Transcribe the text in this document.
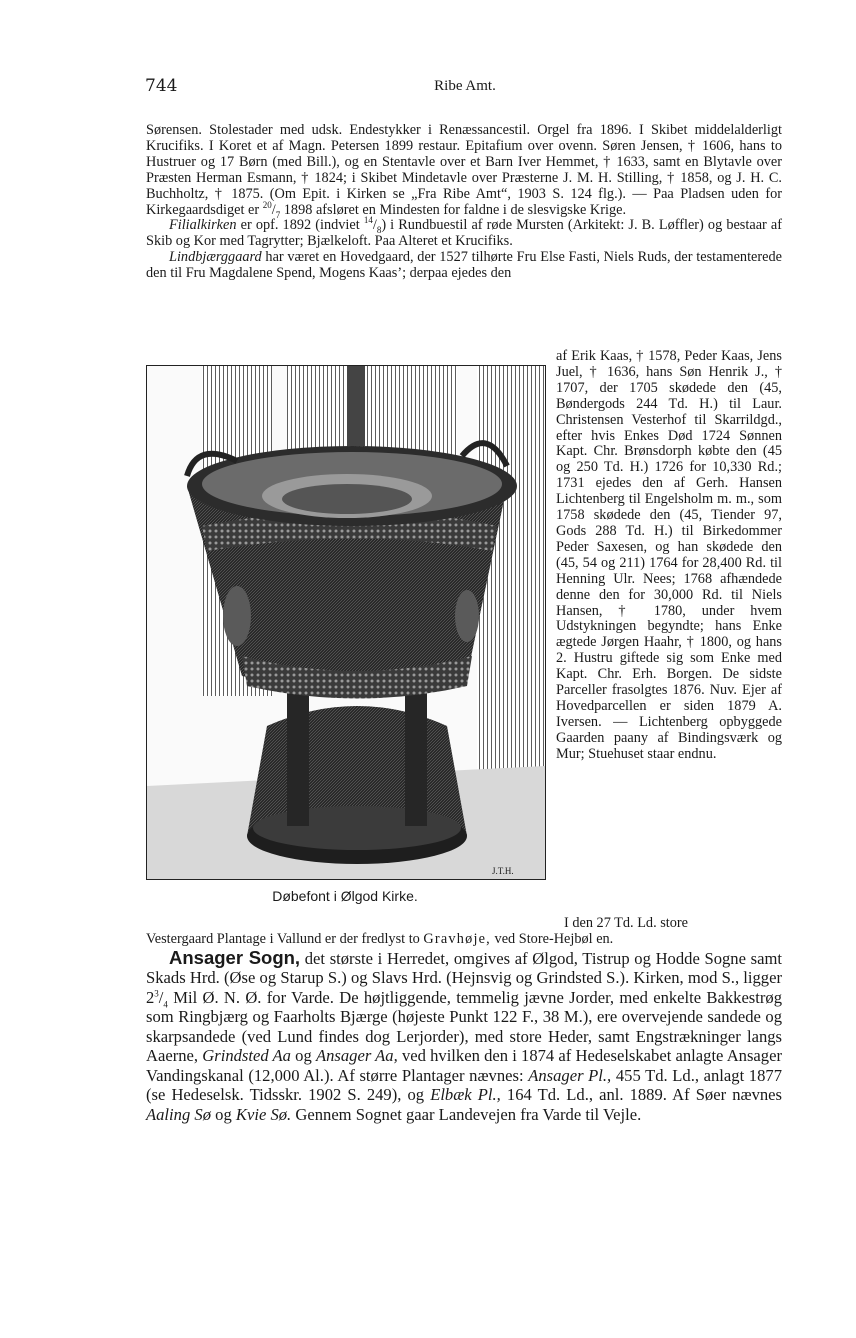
744	Ribe Amt.

Sørensen. Stolestader med udsk. Endestykker i Renæssancestil. Orgel fra 1896. I Skibet middelalderligt Krucifiks. I Koret et af Magn. Petersen 1899 restaur. Epitafium over ovenn. Søren Jensen, † 1606, hans to Hustruer og 17 Børn (med Bill.), og en Stentavle over et Barn Iver Hemmet, † 1633, samt en Blytavle over Præsten Herman Esmann, † 1824; i Skibet Mindetavle over Præsterne J. M. H. Stilling, † 1858, og J. H. C. Buchholtz, † 1875. (Om Epit. i Kirken se „Fra Ribe Amt“, 1903 S. 124 flg.). — Paa Pladsen uden for Kirkegaardsdiget er $^{20}/_7$ 1898 afsløret en Mindesten for faldne i de slesvigske Krige.

Filialkirken er opf. 1892 (indviet $^{14}/_8$) i Rundbuestil af røde Mursten (Arkitekt: J. B. Løffler) og bestaar af Skib og Kor med Tagrytter; Bjælkeloft. Paa Alteret et Krucifiks.

Lindbjærggaard har været en Hovedgaard, der 1527 tilhørte Fru Else Fasti, Niels Ruds, der testamenterede den til Fru Magdalene Spend, Mogens Kaas’; derpaa ejedes den

J.T.H.
Døbefont i Ølgod Kirke.

af Erik Kaas, † 1578, Peder Kaas, Jens Juel, † 1636, hans Søn Henrik J., † 1707, der 1705 skødede den (45, Bøndergods 244 Td. H.) til Laur. Christensen Vesterhof til Skarrildgd., efter hvis Enkes Død 1724 Sønnen Kapt. Chr. Brønsdorph købte den (45 og 250 Td. H.) 1726 for 10,330 Rd.; 1731 ejedes den af Gerh. Hansen Lichtenberg til Engelsholm m. m., som 1758 skødede den (45, Tiender 97, Gods 288 Td. H.) til Birkedommer Peder Saxesen, og han skødede den (45, 54 og 211) 1764 for 28,400 Rd. til Henning Ulr. Nees; 1768 afhændede denne den for 30,000 Rd. til Niels Hansen, † 1780, under hvem Udstykningen begyndte; hans Enke ægtede Jørgen Haahr, † 1800, og hans 2. Hustru giftede sig som Enke med Kapt. Chr. Erh. Borgen. De sidste Parceller frasolgtes 1876. Nuv. Ejer af Hovedparcellen er siden 1879 A. Iversen. — Lichtenberg opbyggede Gaarden paany af Bindingsværk og Mur; Stuehuset staar endnu.

I den 27 Td. Ld. store

Vestergaard Plantage i Vallund er der fredlyst to Gravhøje, ved Store-Hejbøl en.

Ansager Sogn, det største i Herredet, omgives af Ølgod, Tistrup og Hodde Sogne samt Skads Hrd. (Øse og Starup S.) og Slavs Hrd. (Hejnsvig og Grindsted S.). Kirken, mod S., ligger $2^3/_4$ Mil Ø. N. Ø. for Varde. De højtliggende, temmelig jævne Jorder, med enkelte Bakkestrøg som Ringbjærg og Faarholts Bjærge (højeste Punkt 122 F., 38 M.), ere overvejende sandede og skarpsandede (ved Lund findes dog Lerjorder), med store Heder, samt Engstrækninger langs Aaerne, Grindsted Aa og Ansager Aa, ved hvilken den i 1874 af Hedeselskabet anlagte Ansager Vandingskanal (12,000 Al.). Af større Plantager nævnes: Ansager Pl., 455 Td. Ld., anlagt 1877 (se Hedeselsk. Tidsskr. 1902 S. 249), og Elbæk Pl., 164 Td. Ld., anl. 1889. Af Søer nævnes Aaling Sø og Kvie Sø. Gennem Sognet gaar Landevejen fra Varde til Vejle.
